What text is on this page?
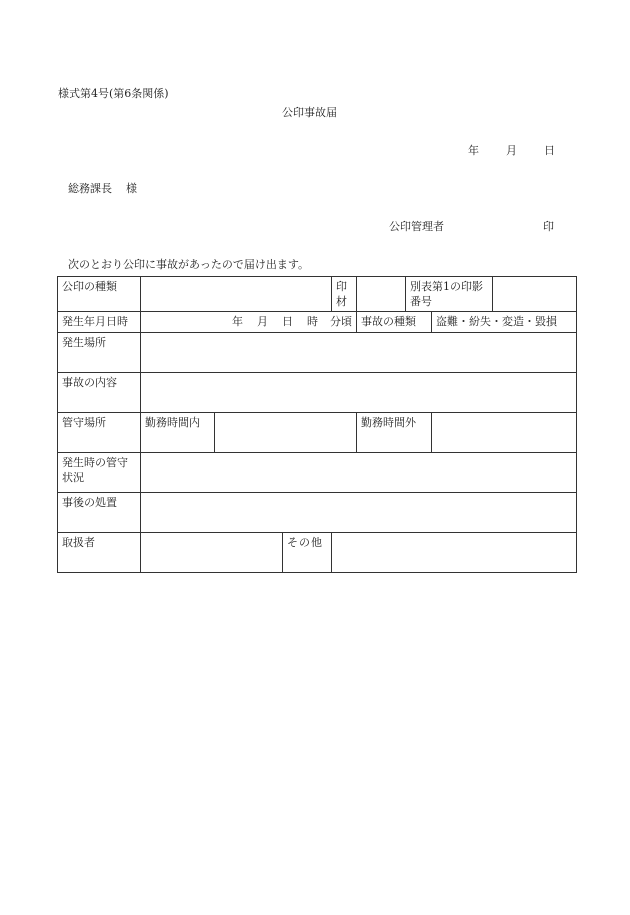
様式第4号(第6条関係)
公印事故届
年	月	日
総務課長 様
公印管理者	印
次のとおり公印に事故があったので届け出ます。
公印の種類				印 材		別表第1の印影番号		
発生年月日時	年 月 日 時 分頃				事故の種類		盗難・紛失・変造・毀損	
発生場所								
事故の内容								
管守場所	勤務時間内				勤務時間外			
発生時の管守状況								
事後の処置								
取扱者			その他					
